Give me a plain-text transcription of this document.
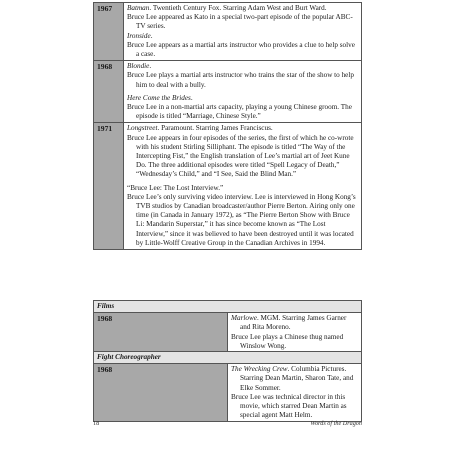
1967	Batman. Twentieth Century Fox. Starring Adam West and Burt Ward.

Bruce Lee appeared as Kato in a special two-part episode of the popular ABC-TV series.

Ironside.

Bruce Lee appears as a martial arts instructor who provides a clue to help solve a case.

1968	Blondie.

Bruce Lee plays a martial arts instructor who trains the star of the show to help him to deal with a bully.

Here Come the Brides.

Bruce Lee in a non-martial arts capacity, playing a young Chinese groom. The episode is titled “Marriage, Chinese Style.”

1971	Longstreet. Paramount. Starring James Franciscus.

Bruce Lee appears in four episodes of the series, the first of which he co-wrote with his student Stirling Silliphant. The episode is titled “The Way of the Intercepting Fist,” the English translation of Lee’s martial art of Jeet Kune Do. The three additional episodes were titled “Spell Legacy of Death,” “Wednesday’s Child,” and “I See, Said the Blind Man.”

“Bruce Lee: The Lost Interview.”

Bruce Lee’s only surviving video interview. Lee is interviewed in Hong Kong’s TVB studios by Canadian broadcaster/author Pierre Berton. Airing only one time (in Canada in January 1972), as “The Pierre Berton Show with Bruce Li: Mandarin Superstar,” it has since become known as “The Lost Interview,” since it was believed to have been destroyed until it was located by Little-Wolff Creative Group in the Canadian Archives in 1994.

Films
1968	Marlowe. MGM. Starring James Garner and Rita Moreno.

Bruce Lee plays a Chinese thug named Winslow Wong.

Fight Choreographer
1968	The Wrecking Crew. Columbia Pictures. Starring Dean Martin, Sharon Tate, and Elke Sommer.

Bruce Lee was technical director in this movie, which starred Dean Martin as special agent Matt Helm.

18	Words of the Dragon
